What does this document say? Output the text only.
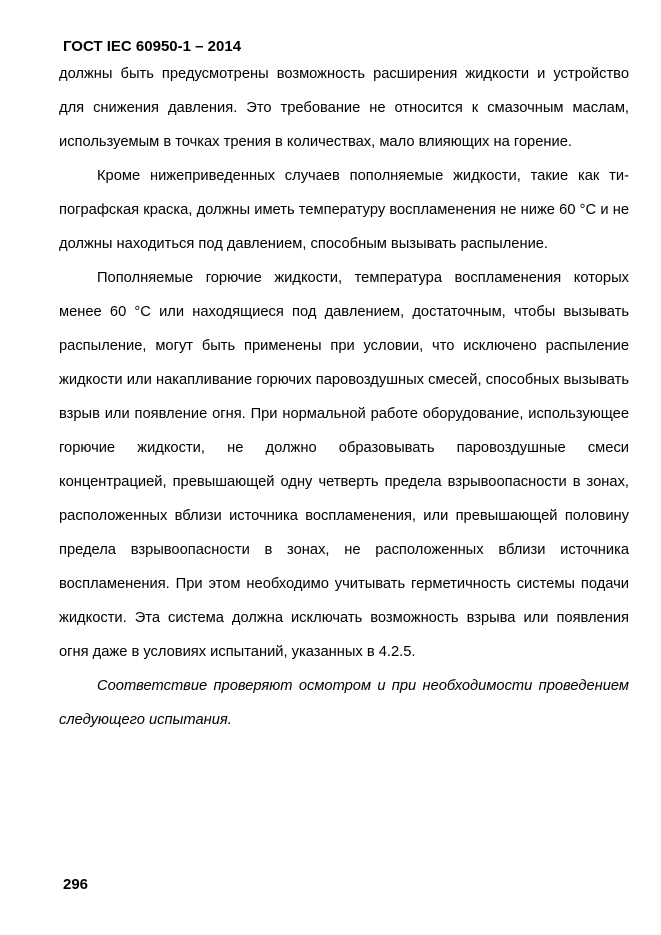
ГОСТ IEC 60950-1 – 2014

должны быть предусмотрены возможность расширения жидкости и устройство для снижения давления. Это требование не относится к смазочным маслам, используемым в точках трения в количествах, мало влияющих на горение.

Кроме нижеприведенных случаев пополняемые жидкости, такие как типографская краска, должны иметь температуру воспламенения не ниже 60 °С и не должны находиться под давлением, способным вызывать распыление.

Пополняемые горючие жидкости, температура воспламенения которых менее 60 °С или находящиеся под давлением, достаточным, чтобы вызывать распыление, могут быть применены при условии, что исключено распыление жидкости или накапливание горючих паровоздушных смесей, способных вызывать взрыв или появление огня. При нормальной работе оборудование, использующее горючие жидкости, не должно образовывать паровоздушные смеси концентрацией, превышающей одну четверть предела взрывоопасности в зонах, расположенных вблизи источника воспламенения, или превышающей половину предела взрывоопасности в зонах, не расположенных вблизи источника воспламенения. При этом необходимо учитывать герметичность системы подачи жидкости. Эта система должна исключать возможность взрыва или появления огня даже в условиях испытаний, указанных в 4.2.5.

Соответствие проверяют осмотром и при необходимости проведением следующего испытания.

296
